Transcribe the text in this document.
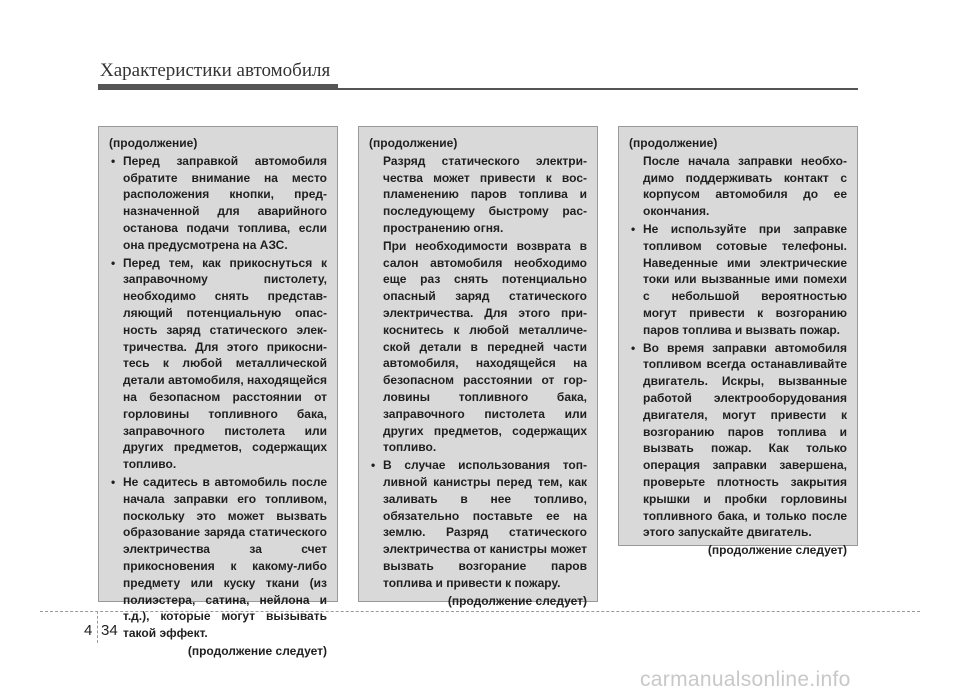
Характеристики автомобиля
(продолжение)
• Перед заправкой автомобиля обратите внимание на место расположения кнопки, предназначенной для аварийного останова подачи топлива, если она предусмотрена на АЗС.
• Перед тем, как прикоснуться к заправочному пистолету, необходимо снять представляющий потенциальную опасность заряд статического электричества. Для этого прикоснитесь к любой металлической детали автомобиля, находящейся на безопасном расстоянии от горловины топливного бака, заправочного пистолета или других предметов, содержащих топливо.
• Не садитесь в автомобиль после начала заправки его топливом, поскольку это может вызвать образование заряда статического электричества за счет прикосновения к какому-либо предмету или куску ткани (из полиэстера, сатина, нейлона и т.д.), которые могут вызывать такой эффект.
(продолжение следует)
(продолжение)
Разряд статического электричества может привести к воспламенению паров топлива и последующему быстрому распространению огня.
При необходимости возврата в салон автомобиля необходимо еще раз снять потенциально опасный заряд статического электричества. Для этого прикоснитесь к любой металлической детали в передней части автомобиля, находящейся на безопасном расстоянии от горловины топливного бака, заправочного пистолета или других предметов, содержащих топливо.
• В случае использования топливной канистры перед тем, как заливать в нее топливо, обязательно поставьте ее на землю. Разряд статического электричества от канистры может вызвать возгорание паров топлива и привести к пожару.
(продолжение следует)
(продолжение)
После начала заправки необходимо поддерживать контакт с корпусом автомобиля до ее окончания.
• Не используйте при заправке топливом сотовые телефоны. Наведенные ими электрические токи или вызванные ими помехи с небольшой вероятностью могут привести к возгоранию паров топлива и вызвать пожар.
• Во время заправки автомобиля топливом всегда останавливайте двигатель. Искры, вызванные работой электрооборудования двигателя, могут привести к возгоранию паров топлива и вызвать пожар. Как только операция заправки завершена, проверьте плотность закрытия крышки и пробки горловины топливного бака, и только после этого запускайте двигатель.
(продолжение следует)
4 34
carmanualsonline.info
